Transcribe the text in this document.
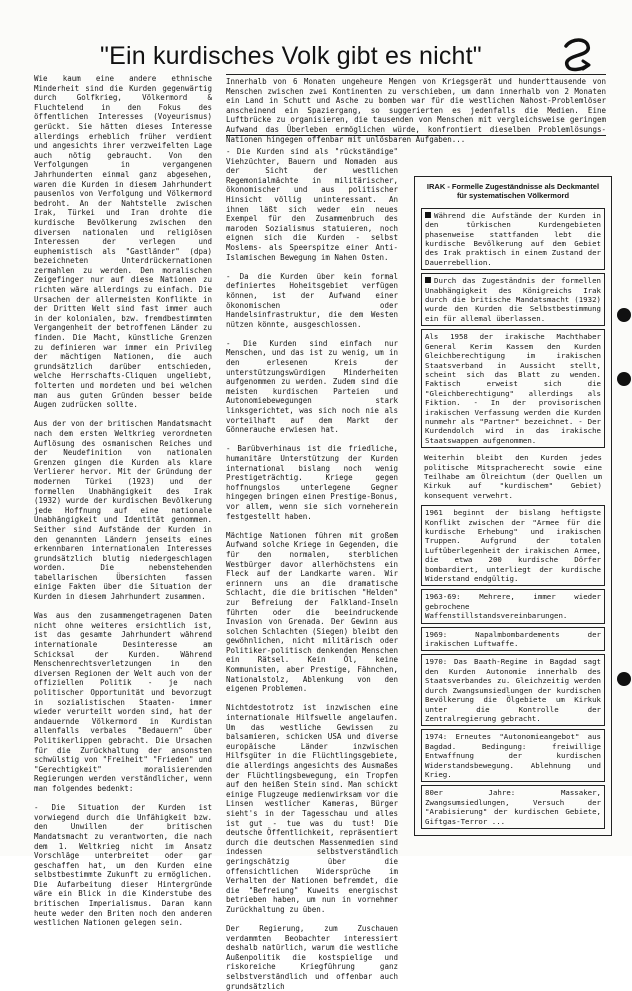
"Ein kurdisches Volk gibt es nicht"

Wie kaum eine andere ethnische Minderheit sind die Kurden gegenwärtig durch Golfkrieg, Völkermord & Fluchtelend in den Fokus des öffentlichen Interesses (Voyeurismus) gerückt. Sie hätten dieses Interesse allerdings erheblich früher verdient und angesichts ihrer verzweifelten Lage auch nötig gebraucht. Von den Verfolgungen in vergangenen Jahrhunderten einmal ganz abgesehen, waren die Kurden in diesem Jahrhundert pausenlos von Verfolgung und Völkermord bedroht. An der Nahtstelle zwischen Irak, Türkei und Iran drohte die kurdische Bevölkerung zwischen den diversen nationalen und religiösen Interessen der verlegen und euphemistisch als "Gastländer" (dpa) bezeichneten Unterdrückernationen zermahlen zu werden. Den moralischen Zeigefinger nur auf diese Nationen zu richten wäre allerdings zu einfach. Die Ursachen der allermeisten Konflikte in der Dritten Welt sind fast immer auch in der kolonialen, bzw. fremdbestimmten Vergangenheit der betroffenen Länder zu finden. Die Macht, künstliche Grenzen zu definieren war immer ein Privileg der mächtigen Nationen, die auch grundsätzlich darüber entschieden, welche Herrschafts-Cliquen ungeliebt, folterten und mordeten und bei welchen man aus guten Gründen besser beide Augen zudrücken sollte.

Aus der von der britischen Mandatsmacht nach dem ersten Weltkrieg verordneten Auflösung des osmanischen Reiches und der Neudefinition von nationalen Grenzen gingen die Kurden als klare Verlierer hervor. Mit der Gründung der modernen Türkei (1923) und der formellen Unabhängigkeit des Irak (1932) wurde der kurdischen Bevölkerung jede Hoffnung auf eine nationale Unabhängigkeit und Identität genommen. Seither sind Aufstände der Kurden in den genannten Ländern jenseits eines erkennbaren internationalen Interesses grundsätzlich blutig niedergeschlagen worden. Die nebenstehenden tabellarischen Übersichten fassen einige Fakten über die Situation der Kurden in diesem Jahrhundert zusammen.

Was aus den zusammengetragenen Daten nicht ohne weiteres ersichtlich ist, ist das gesamte Jahrhundert während internationale Desinteresse am Schicksal der Kurden. Während Menschenrechtsverletzungen in den diversen Regionen der Welt auch von der offiziellen Politik - je nach politischer Opportunität und bevorzugt in sozialistischen Staaten- immer wieder verurteilt worden sind, hat der andauernde Völkermord in Kurdistan allenfalls verbales "Bedauern" über Politikerlippen gebracht. Die Ursachen für die Zurückhaltung der ansonsten schwülstig von "Freiheit" "Frieden" und "Gerechtigkeit" moralisierenden Regierungen werden verständlicher, wenn man folgendes bedenkt:

- Die Situation der Kurden ist vorwiegend durch die Unfähigkeit bzw. den Unwillen der britischen Mandatsmacht zu verantworten, die nach dem 1. Weltkrieg nicht im Ansatz Vorschläge unterbreitet oder gar geschaffen hat, um den Kurden eine selbstbestimmte Zukunft zu ermöglichen. Die Aufarbeitung dieser Hintergründe wäre ein Blick in die Kinderstube des britischen Imperialismus. Daran kann heute weder den Briten noch den anderen westlichen Nationen gelegen sein.

Innerhalb von 6 Monaten ungeheure Mengen von Kriegsgerät und hunderttausende von Menschen zwischen zwei Kontinenten zu verschieben, um dann innerhalb von 2 Monaten ein Land in Schutt und Asche zu bomben war für die westlichen Nahost-Problemlöser anscheinend ein Spaziergang, so suggerierten es jedenfalls die Medien. Eine Luftbrücke zu organisieren, die tausenden von Menschen mit vergleichsweise geringem Aufwand das Überleben ermöglichen würde, konfrontiert dieselben Problemlösungs-Nationen hingegen offenbar mit unlösbaren Aufgaben...

- Die Kurden sind als "rückständige" Viehzüchter, Bauern und Nomaden aus der Sicht der westlichen Regemonialmächte in militärischer, ökonomischer und aus politischer Hinsicht völlig uninteressant. An ihnen läßt sich weder ein neues Exempel für den Zusammenbruch des maroden Sozialismus statuieren, noch eignen sich die Kurden - selbst Moslems- als Speerspitze einer Anti-Islamischen Bewegung im Nahen Osten.

- Da die Kurden über kein formal definiertes Hoheitsgebiet verfügen können, ist der Aufwand einer ökonomischen oder Handelsinfrastruktur, die dem Westen nützen könnte, ausgeschlossen.

- Die Kurden sind einfach nur Menschen, und das ist zu wenig, um in den erlesenen Kreis der unterstützungswürdigen Minderheiten aufgenommen zu werden. Zudem sind die meisten kurdischen Parteien und Autonomiebewegungen stark linksgerichtet, was sich noch nie als vorteilhaft auf dem Markt der Gönnerauche erwiesen hat.

- Barübverhinaus ist die friedliche, humanitäre Unterstützung der Kurden international bislang noch wenig Prestigeträchtig. Kriege gegen hoffnungslos unterlegene Gegner hingegen bringen einen Prestige-Bonus, vor allem, wenn sie sich vorneherein festgestellt haben.

Mächtige Nationen führen mit großem Aufwand solche Kriege in Gegenden, die für den normalen, sterblichen Westbürger davor allerhöchstens ein Fleck auf der Landkarte waren. Wir erinnern uns an die dramatische Schlacht, die die britischen "Helden" zur Befreiung der Falkland-Inseln führten oder die beeindruckende Invasion von Grenada. Der Gewinn aus solchen Schlachten (Siegen) bleibt den gewöhnlichen, nicht militärisch oder Politiker-politisch denkenden Menschen ein Rätsel. Kein Öl, keine Kommunisten, aber Prestige, Fähnchen, Nationalstolz, Ablenkung von den eigenen Problemen.

Nichtdestotrotz ist inzwischen eine internationale Hilfswelle angelaufen. Um das westliche Gewissen zu balsamieren, schicken USA und diverse europäische Länder inzwischen Hilfsgüter in die Flüchtlingsgebiete, die allerdings angesichts des Ausmaßes der Flüchtlingsbewegung, ein Tropfen auf den heißen Stein sind. Man schickt einige Flugzeuge medienwirksam vor die Linsen westlicher Kameras, Bürger sieht's in der Tagesschau und alles ist gut - tue was du tust! Die deutsche Öffentlichkeit, repräsentiert durch die deutschen Massenmedien sind indessen selbstverständlich geringschätzig über die offensichtlichen Widersprüche im Verhalten der Nationen befremdet, die die "Befreiung" Kuweits energischst betrieben haben, um nun in vornehmer Zurückhaltung zu üben.

Der Regierung, zum Zuschauen verdammten Beobachter interessiert deshalb natürlich, warum die westliche Außenpolitik die kostspielige und riskoreiche Kriegführung ganz selbstverständlich und offenbar auch grundsätzlich

IRAK - Formelle Zugeständnisse als Deckmantel für systematischen Völkermord
Während die Aufstände der Kurden in den türkischen Kurdengebieten phasenweise stattfanden lebt die kurdische Bevölkerung auf dem Gebiet des Irak praktisch in einem Zustand der Dauerrebellion.
Durch das Zugeständnis der formellen Unabhängigkeit des Königreichs Irak durch die britische Mandatsmacht (1932) wurde den Kurden die Selbstbestimmung ein für allemal überlassen.
Als 1958 der irakische Machthaber General Kerim Kassem den Kurden Gleichberechtigung im irakischen Staatsverband in Aussicht stellt, scheint sich das Blatt zu wenden. Faktisch erweist sich die "Gleichberechtigung" allerdings als Fiktion. - In der provisorischen irakischen Verfassung werden die Kurden nunmehr als "Partner" bezeichnet. - Der Kurdendolch wird in das irakische Staatswappen aufgenommen.
Weiterhin bleibt den Kurden jedes politische Mitspracherecht sowie eine Teilhabe am Ölreichtum (der Quellen um Kirkuk auf "kurdischem" Gebiet) konsequent verwehrt.
1961 beginnt der bislang heftigste Konflikt zwischen der "Armee für die kurdische Erhebung" und irakischen Truppen. Aufgrund der totalen Luftüberlegenheit der irakischen Armee, die etwa 200 kurdische Dörfer bombardiert, unterliegt der kurdische Widerstand endgültig.
1963-69: Mehrere, immer wieder gebrochene Waffenstillstandsvereinbarungen.
1969: Napalmbombardements der irakischen Luftwaffe.
1970: Das Baath-Regime in Bagdad sagt den Kurden Autonomie innerhalb des Staatsverbandes zu. Gleichzeitig werden durch Zwangsumsiedlungen der kurdischen Bevölkerung die Ölgebiete um Kirkuk unter die Kontrolle der Zentralregierung gebracht.
1974: Erneutes "Autonomieangebot" aus Bagdad. Bedingung: freiwillige Entwaffnung der kurdischen Widerstandsbewegung. Ablehnung und Krieg.
80er Jahre: Massaker, Zwangsumsiedlungen, Versuch der "Arabisierung" der kurdischen Gebiete, Giftgas-Terror ...
